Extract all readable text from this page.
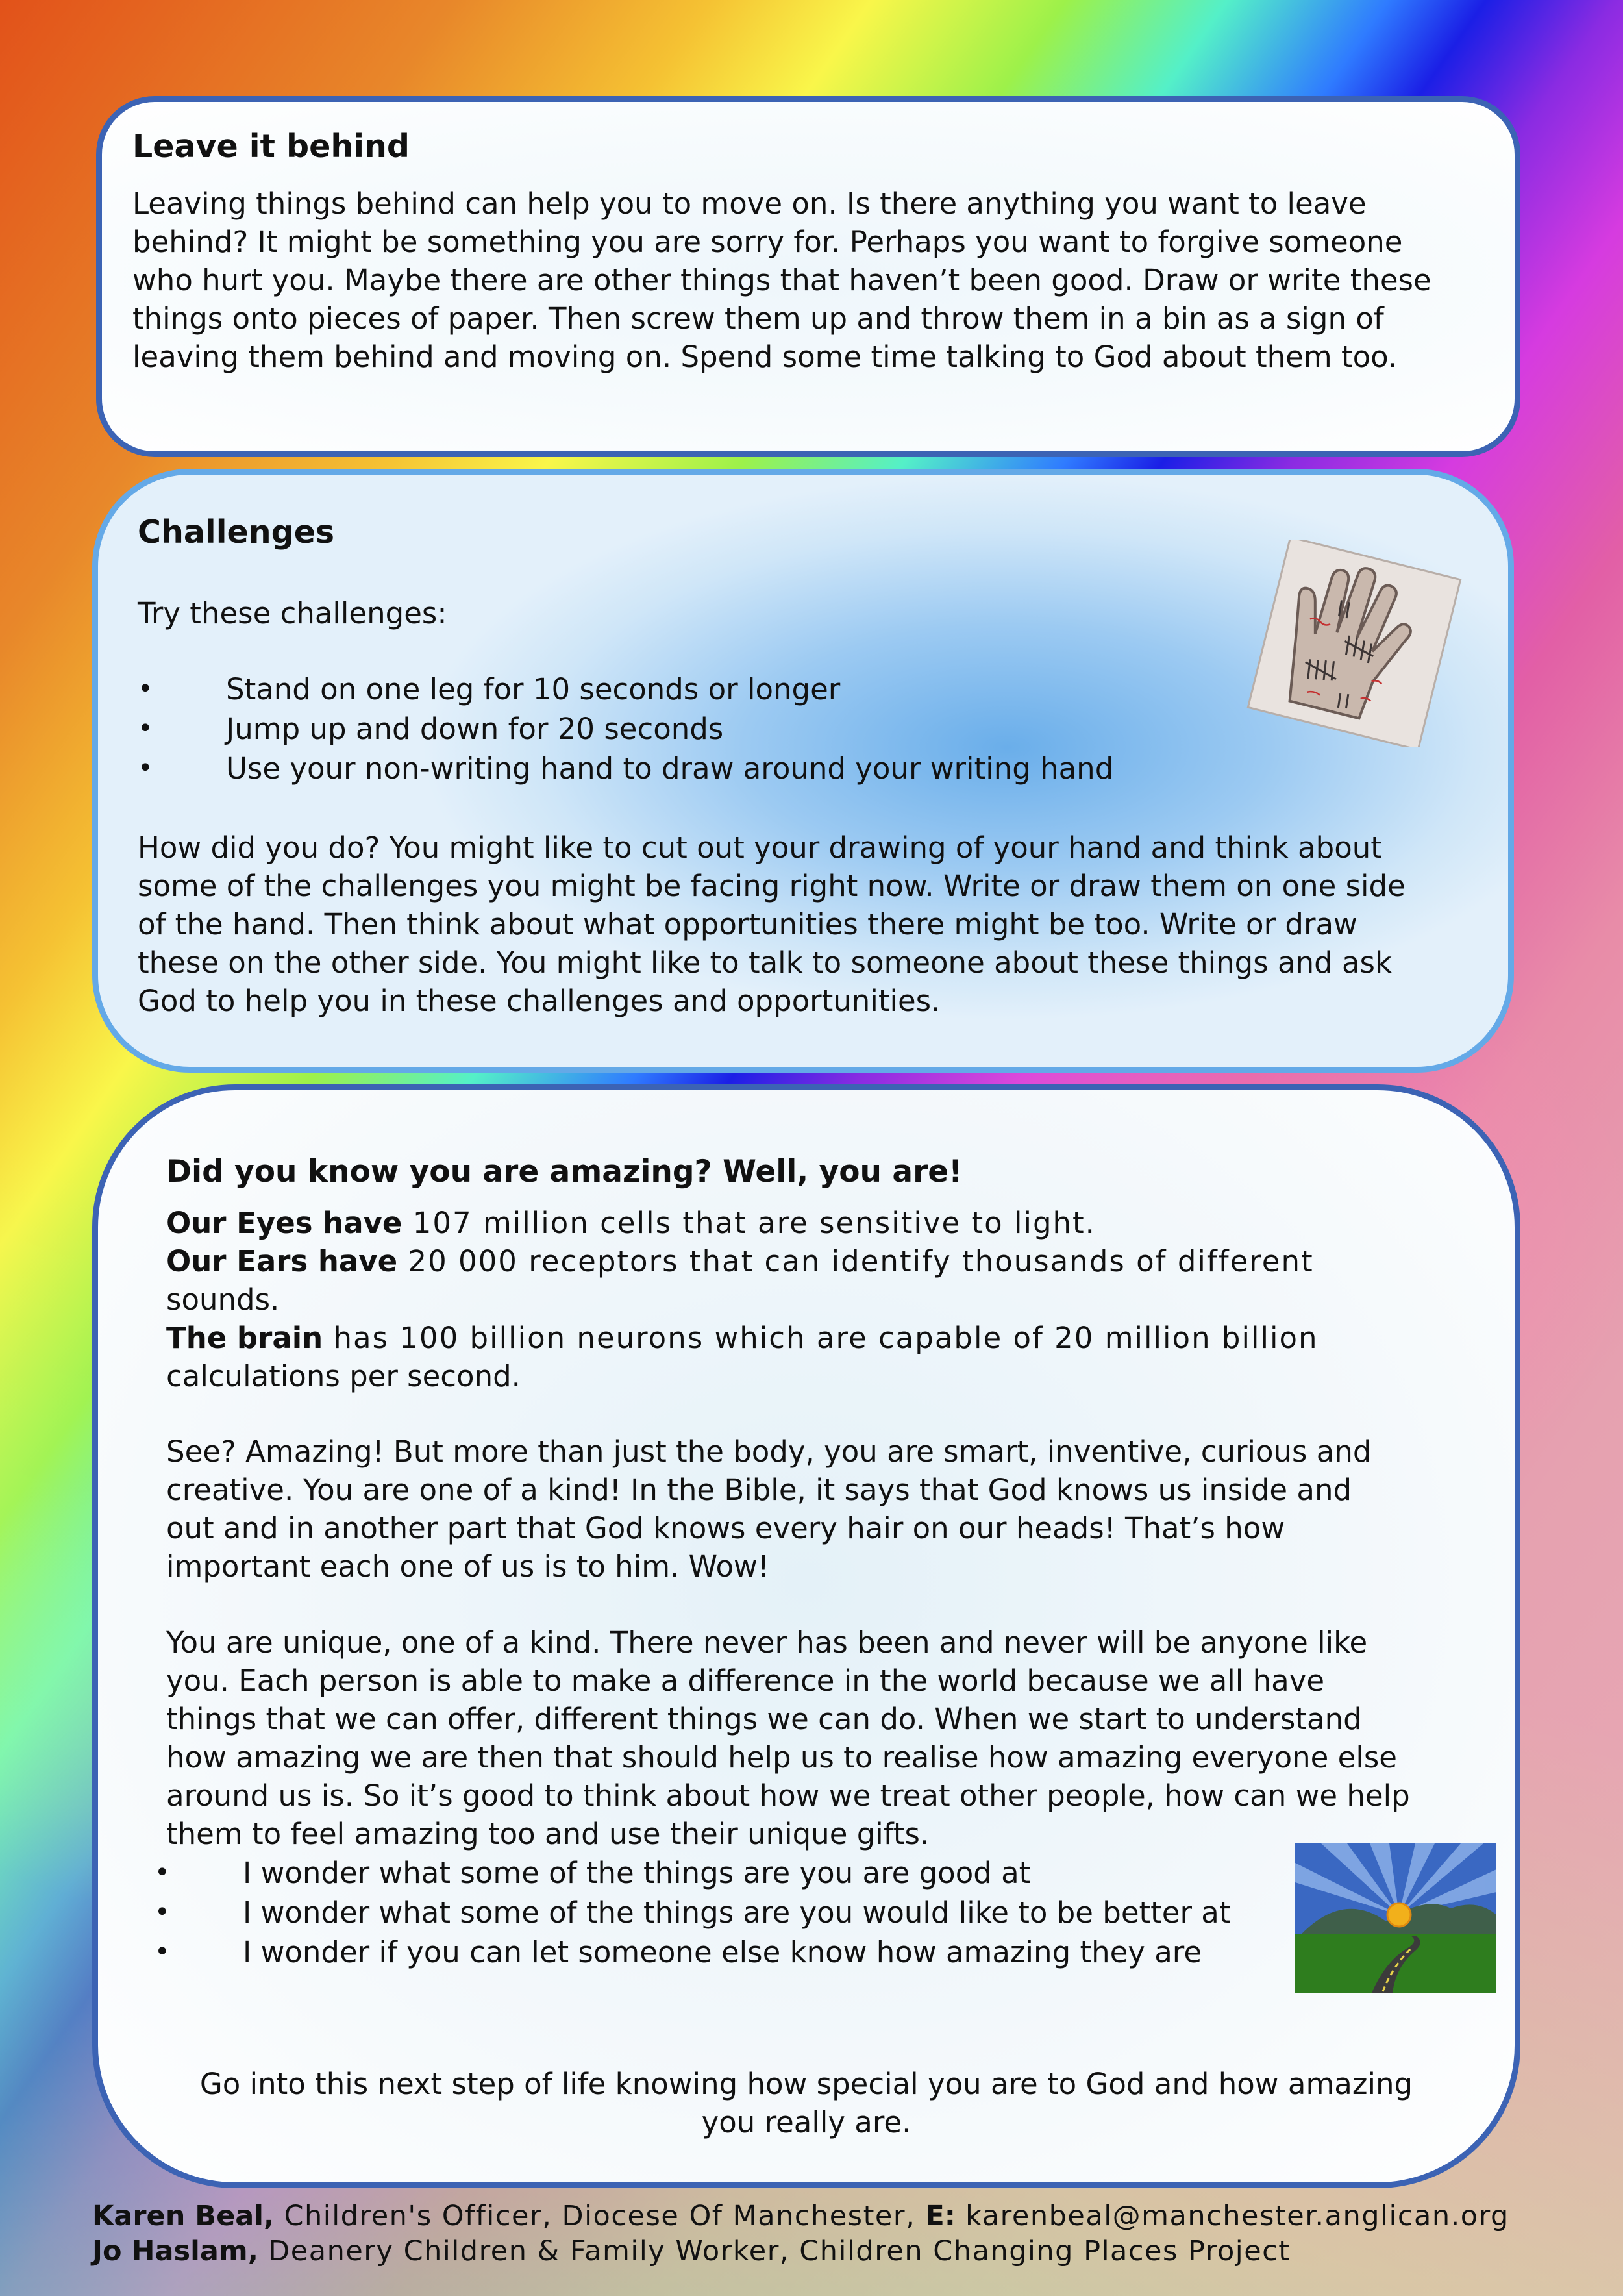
Leave it behind

Leaving things behind can help you to move on. Is there anything you want to leave
behind? It might be something you are sorry for. Perhaps you want to forgive someone
who hurt you. Maybe there are other things that haven’t been good. Draw or write these
things onto pieces of paper. Then screw them up and throw them in a bin as a sign of
leaving them behind and moving on. Spend some time talking to God about them too.

Challenges

Try these challenges:

• Stand on one leg for 10 seconds or longer
• Jump up and down for 20 seconds
• Use your non-writing hand to draw around your writing hand

How did you do? You might like to cut out your drawing of your hand and think about
some of the challenges you might be facing right now. Write or draw them on one side
of the hand. Then think about what opportunities there might be too. Write or draw
these on the other side. You might like to talk to someone about these things and ask
God to help you in these challenges and opportunities.

Did you know you are amazing? Well, you are!

Our Eyes have 107 million cells that are sensitive to light.
Our Ears have 20 000 receptors that can identify thousands of different
sounds.
The brain has 100 billion neurons which are capable of 20 million billion
calculations per second.

See? Amazing! But more than just the body, you are smart, inventive, curious and
creative. You are one of a kind! In the Bible, it says that God knows us inside and
out and in another part that God knows every hair on our heads! That’s how
important each one of us is to him. Wow!

You are unique, one of a kind. There never has been and never will be anyone like
you. Each person is able to make a difference in the world because we all have
things that we can offer, different things we can do. When we start to understand
how amazing we are then that should help us to realise how amazing everyone else
around us is. So it’s good to think about how we treat other people, how can we help
them to feel amazing too and use their unique gifts.

• I wonder what some of the things are you are good at
• I wonder what some of the things are you would like to be better at
• I wonder if you can let someone else know how amazing they are

Go into this next step of life knowing how special you are to God and how amazing
you really are.

Karen Beal, Children's Officer, Diocese Of Manchester, E: karenbeal@manchester.anglican.org
Jo Haslam, Deanery Children & Family Worker, Children Changing Places Project
